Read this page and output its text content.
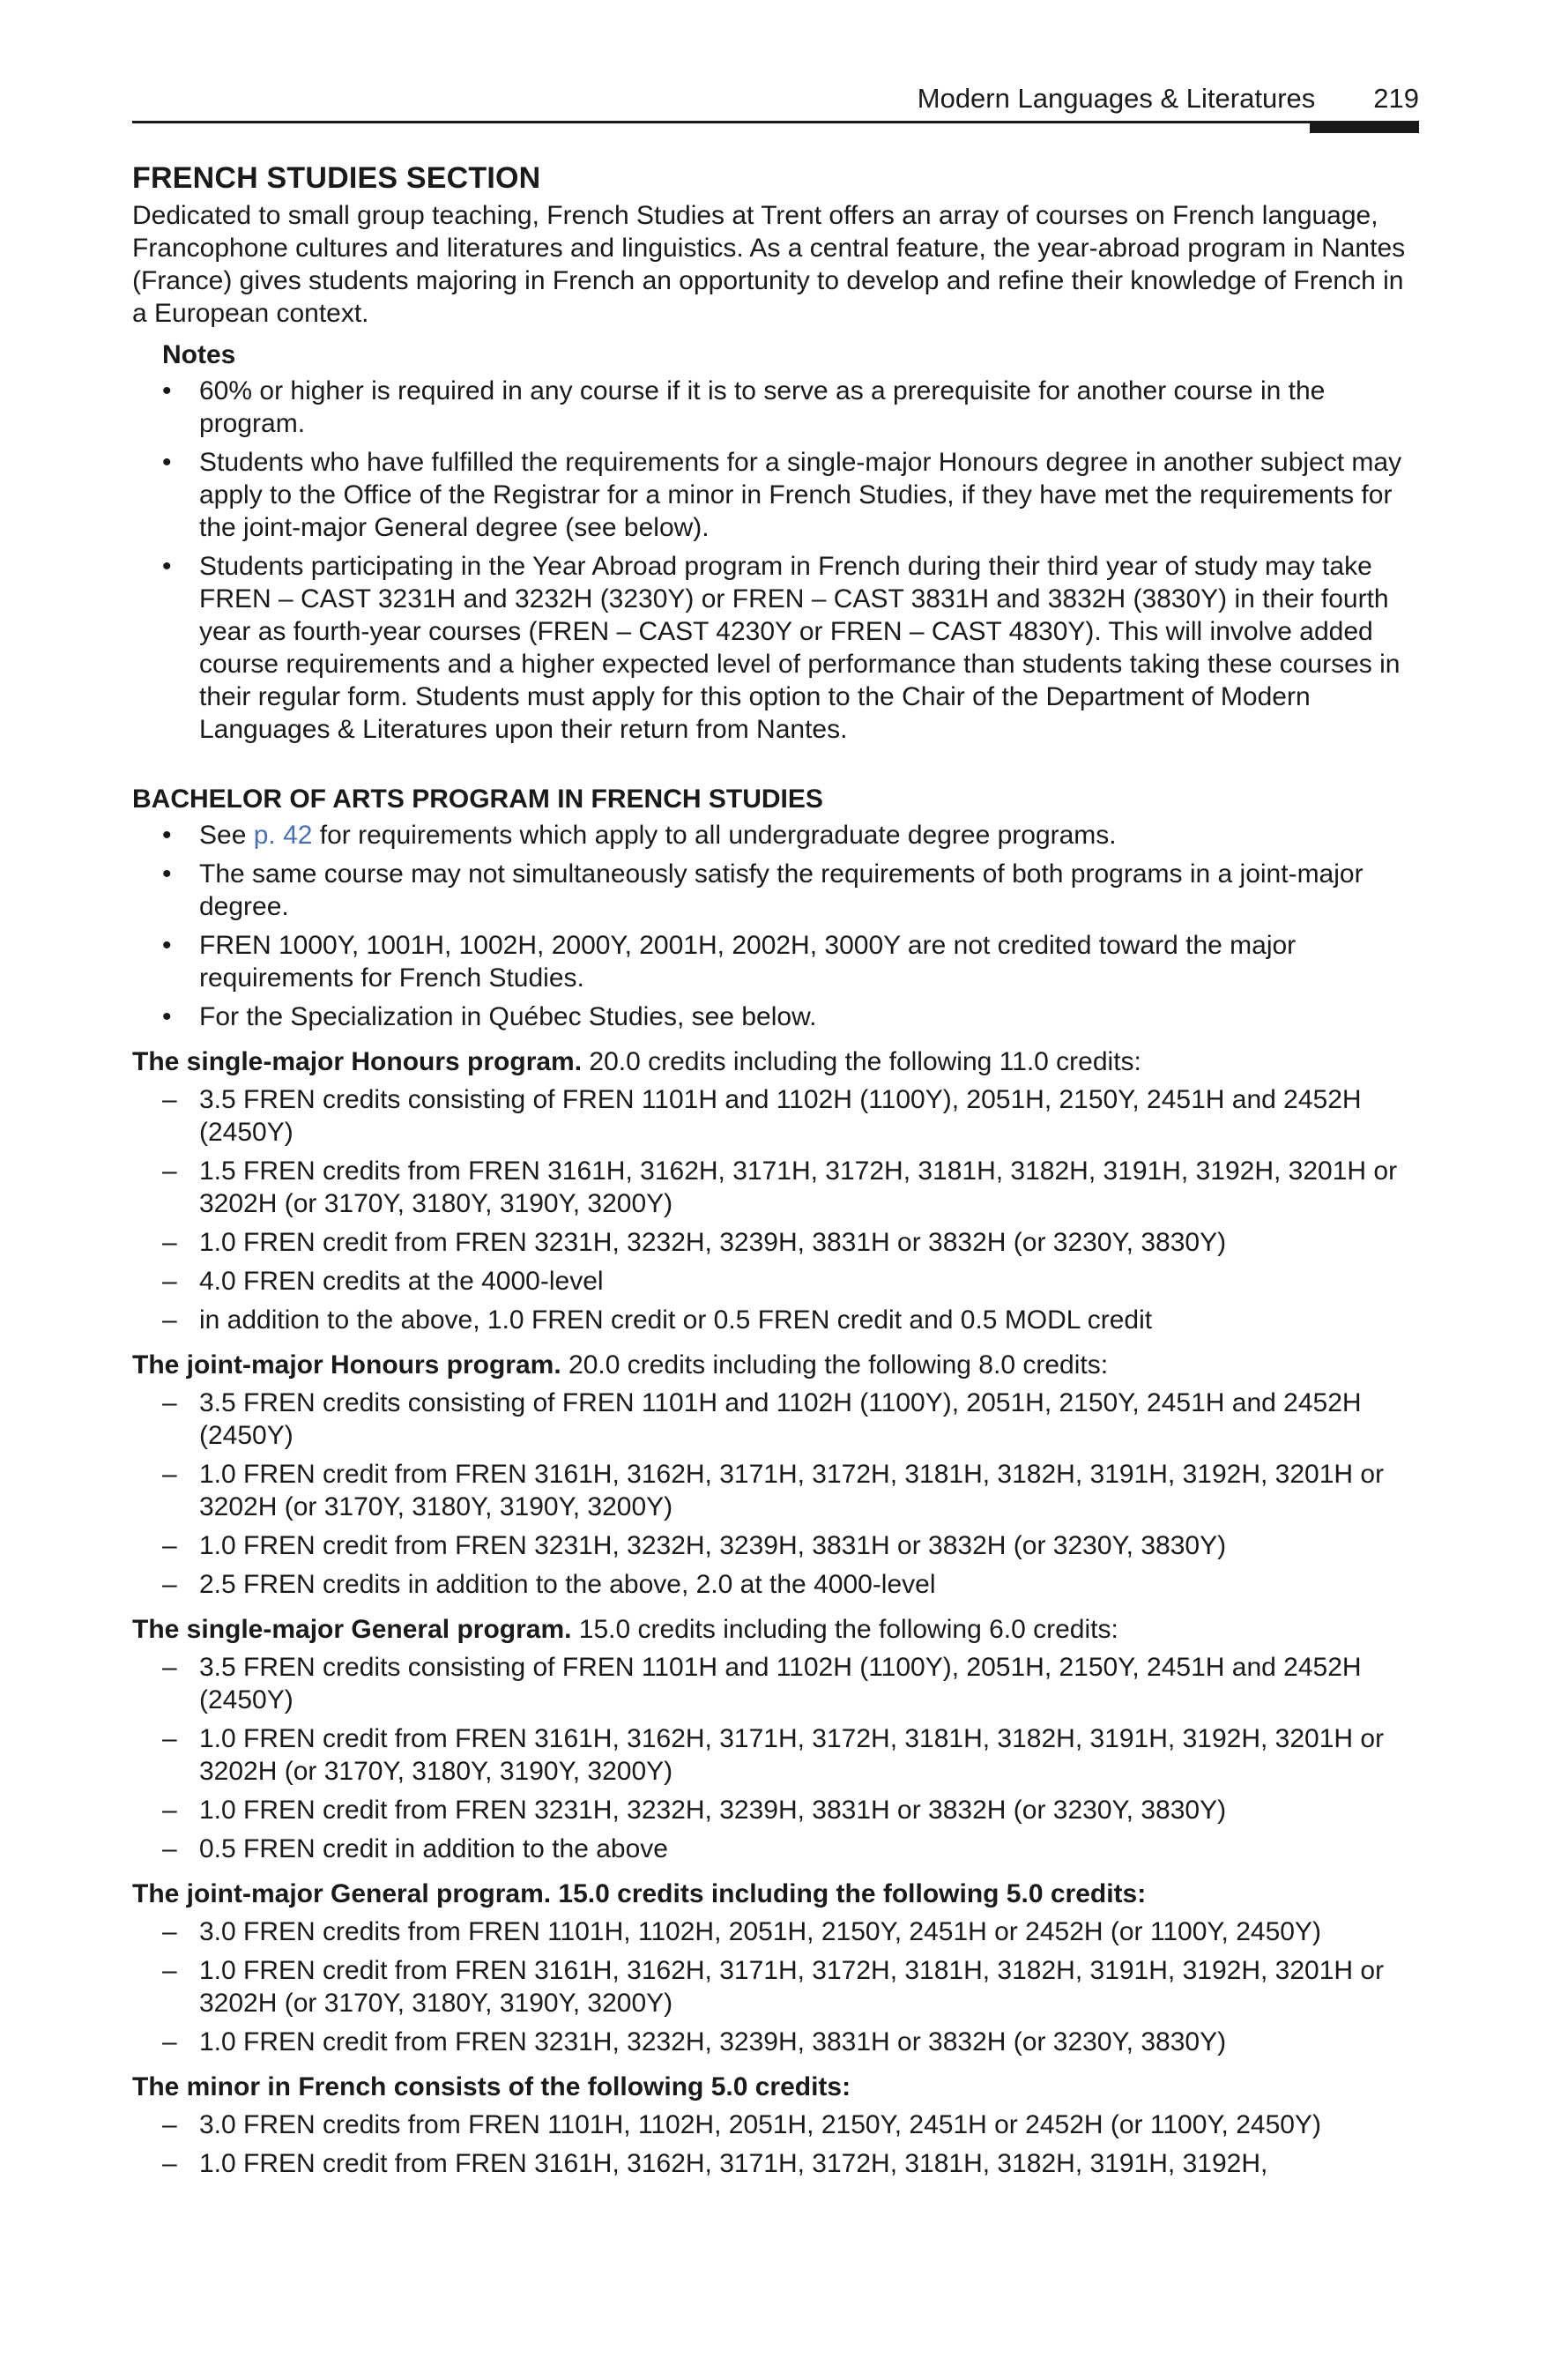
Modern Languages & Literatures 219
FRENCH STUDIES SECTION

Dedicated to small group teaching, French Studies at Trent offers an array of courses on French language, Francophone cultures and literatures and linguistics. As a central feature, the year-abroad program in Nantes (France) gives students majoring in French an opportunity to develop and refine their knowledge of French in a European context.

Notes
• 60% or higher is required in any course if it is to serve as a prerequisite for another course in the program.
• Students who have fulfilled the requirements for a single-major Honours degree in another subject may apply to the Office of the Registrar for a minor in French Studies, if they have met the requirements for the joint-major General degree (see below).
• Students participating in the Year Abroad program in French during their third year of study may take FREN – CAST 3231H and 3232H (3230Y) or FREN – CAST 3831H and 3832H (3830Y) in their fourth year as fourth-year courses (FREN – CAST 4230Y or FREN – CAST 4830Y). This will involve added course requirements and a higher expected level of performance than students taking these courses in their regular form. Students must apply for this option to the Chair of the Department of Modern Languages & Literatures upon their return from Nantes.
BACHELOR OF ARTS PROGRAM IN FRENCH STUDIES
• See p. 42 for requirements which apply to all undergraduate degree programs.
• The same course may not simultaneously satisfy the requirements of both programs in a joint-major degree.
• FREN 1000Y, 1001H, 1002H, 2000Y, 2001H, 2002H, 3000Y are not credited toward the major requirements for French Studies.
• For the Specialization in Québec Studies, see below.
The single-major Honours program. 20.0 credits including the following 11.0 credits:
– 3.5 FREN credits consisting of FREN 1101H and 1102H (1100Y), 2051H, 2150Y, 2451H and 2452H (2450Y)
– 1.5 FREN credits from FREN 3161H, 3162H, 3171H, 3172H, 3181H, 3182H, 3191H, 3192H, 3201H or 3202H (or 3170Y, 3180Y, 3190Y, 3200Y)
– 1.0 FREN credit from FREN 3231H, 3232H, 3239H, 3831H or 3832H (or 3230Y, 3830Y)
– 4.0 FREN credits at the 4000-level
– in addition to the above, 1.0 FREN credit or 0.5 FREN credit and 0.5 MODL credit
The joint-major Honours program. 20.0 credits including the following 8.0 credits:
– 3.5 FREN credits consisting of FREN 1101H and 1102H (1100Y), 2051H, 2150Y, 2451H and 2452H (2450Y)
– 1.0 FREN credit from FREN 3161H, 3162H, 3171H, 3172H, 3181H, 3182H, 3191H, 3192H, 3201H or 3202H (or 3170Y, 3180Y, 3190Y, 3200Y)
– 1.0 FREN credit from FREN 3231H, 3232H, 3239H, 3831H or 3832H (or 3230Y, 3830Y)
– 2.5 FREN credits in addition to the above, 2.0 at the 4000-level
The single-major General program. 15.0 credits including the following 6.0 credits:
– 3.5 FREN credits consisting of FREN 1101H and 1102H (1100Y), 2051H, 2150Y, 2451H and 2452H (2450Y)
– 1.0 FREN credit from FREN 3161H, 3162H, 3171H, 3172H, 3181H, 3182H, 3191H, 3192H, 3201H or 3202H (or 3170Y, 3180Y, 3190Y, 3200Y)
– 1.0 FREN credit from FREN 3231H, 3232H, 3239H, 3831H or 3832H (or 3230Y, 3830Y)
– 0.5 FREN credit in addition to the above
The joint-major General program. 15.0 credits including the following 5.0 credits:
– 3.0 FREN credits from FREN 1101H, 1102H, 2051H, 2150Y, 2451H or 2452H (or 1100Y, 2450Y)
– 1.0 FREN credit from FREN 3161H, 3162H, 3171H, 3172H, 3181H, 3182H, 3191H, 3192H, 3201H or 3202H (or 3170Y, 3180Y, 3190Y, 3200Y)
– 1.0 FREN credit from FREN 3231H, 3232H, 3239H, 3831H or 3832H (or 3230Y, 3830Y)
The minor in French consists of the following 5.0 credits:
– 3.0 FREN credits from FREN 1101H, 1102H, 2051H, 2150Y, 2451H or 2452H (or 1100Y, 2450Y)
– 1.0 FREN credit from FREN 3161H, 3162H, 3171H, 3172H, 3181H, 3182H, 3191H, 3192H,
